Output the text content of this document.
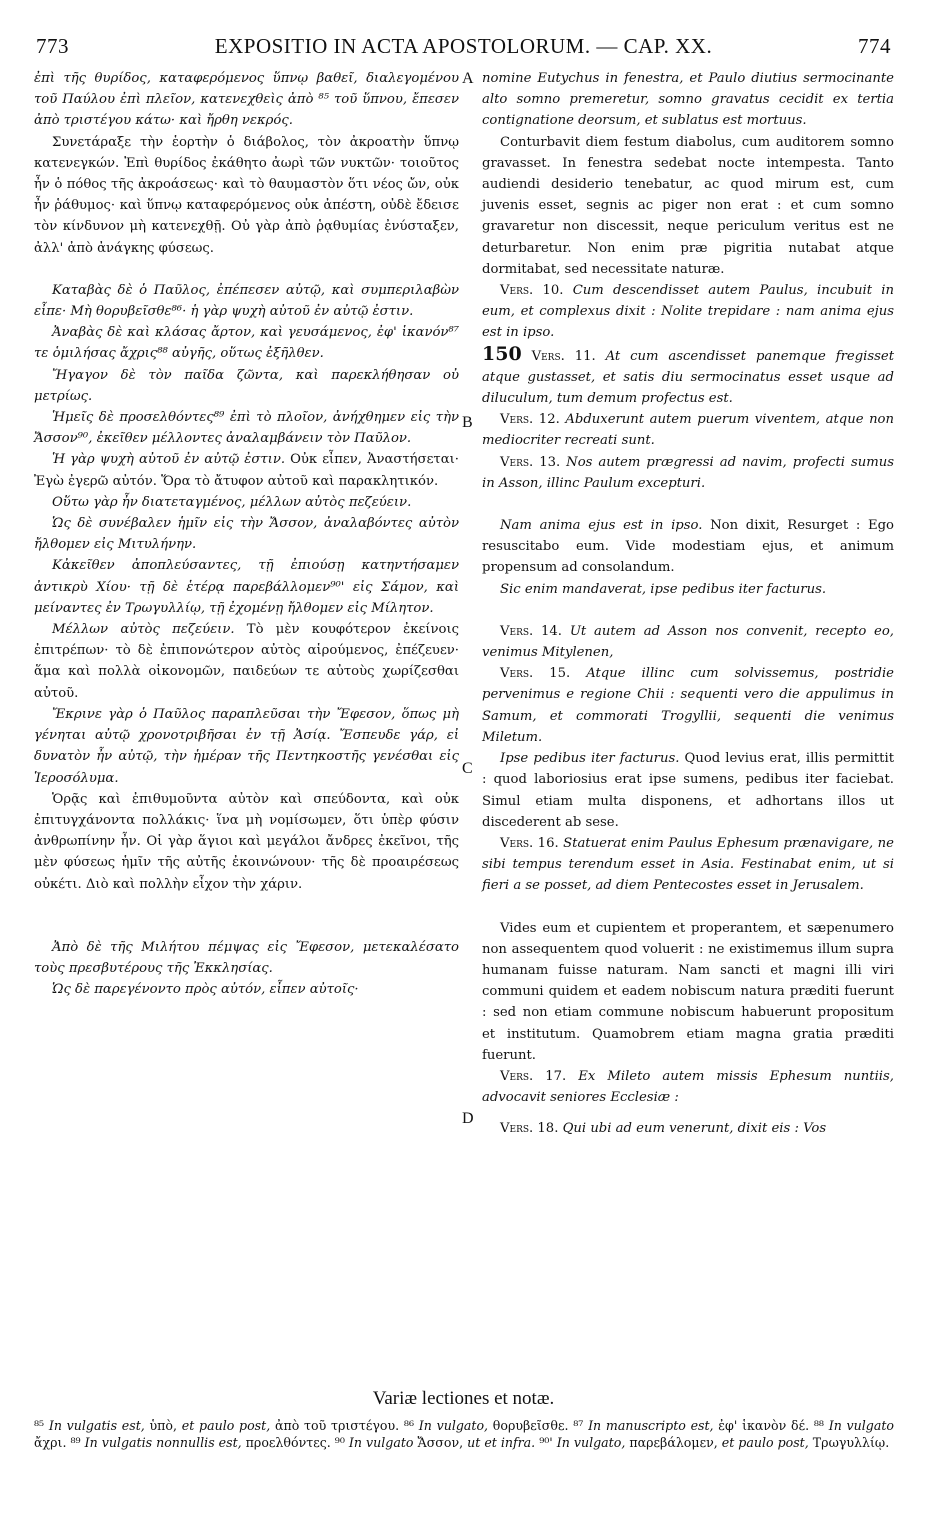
773	EXPOSITIO IN ACTA APOSTOLORUM. — CAP. XX.	774
A
B
C
D

ἐπὶ τῆς θυρίδος, καταφερόμενος ὕπνῳ βαθεῖ, διαλεγομένου τοῦ Παύλου ἐπὶ πλεῖον, κατενεχθεὶς ἀπὸ ⁸⁵ τοῦ ὕπνου, ἔπεσεν ἀπὸ τριστέγου κάτω· καὶ ἤρθη νεκρός.

Συνετάραξε τὴν ἑορτὴν ὁ διάβολος, τὸν ἀκροατὴν ὕπνῳ κατενεγκών. Ἐπὶ θυρίδος ἐκάθητο ἀωρὶ τῶν νυκτῶν· τοιοῦτος ἦν ὁ πόθος τῆς ἀκροάσεως· καὶ τὸ θαυμαστὸν ὅτι νέος ὤν, οὐκ ἦν ῥάθυμος· καὶ ὕπνῳ καταφερόμενος οὐκ ἀπέστη, οὐδὲ ἔδεισε τὸν κίνδυνον μὴ κατενεχθῇ. Οὐ γὰρ ἀπὸ ῥᾳθυμίας ἐνύσταξεν, ἀλλ' ἀπὸ ἀνάγκης φύσεως.

Καταβὰς δὲ ὁ Παῦλος, ἐπέπεσεν αὐτῷ, καὶ συμπεριλαβὼν εἶπε· Μὴ θορυβεῖσθε⁸⁶· ἡ γὰρ ψυχὴ αὐτοῦ ἐν αὐτῷ ἐστιν.

Ἀναβὰς δὲ καὶ κλάσας ἄρτον, καὶ γευσάμενος, ἐφ' ἱκανόν⁸⁷ τε ὁμιλήσας ἄχρις⁸⁸ αὐγῆς, οὕτως ἐξῆλθεν.

Ἤγαγον δὲ τὸν παῖδα ζῶντα, καὶ παρεκλήθησαν οὐ μετρίως.

Ἡμεῖς δὲ προσελθόντες⁸⁹ ἐπὶ τὸ πλοῖον, ἀνήχθημεν εἰς τὴν Ἄσσον⁹⁰, ἐκεῖθεν μέλλοντες ἀναλαμβάνειν τὸν Παῦλον.

Ἡ γὰρ ψυχὴ αὐτοῦ ἐν αὐτῷ ἐστιν. Οὐκ εἶπεν, Ἀναστήσεται· Ἐγὼ ἐγερῶ αὐτόν. Ὅρα τὸ ἄτυφον αὐτοῦ καὶ παρακλητικόν.

Οὕτω γὰρ ἦν διατεταγμένος, μέλλων αὐτὸς πεζεύειν.

Ὡς δὲ συνέβαλεν ἡμῖν εἰς τὴν Ἄσσον, ἀναλαβόντες αὐτὸν ἤλθομεν εἰς Μιτυλήνην.

Κἀκεῖθεν ἀποπλεύσαντες, τῇ ἐπιούσῃ κατηντήσαμεν ἀντικρὺ Χίου· τῇ δὲ ἑτέρᾳ παρεβάλλομεν⁹⁰' εἰς Σάμον, καὶ μείναντες ἐν Τρωγυλλίῳ, τῇ ἐχομένῃ ἤλθομεν εἰς Μίλητον.

Μέλλων αὐτὸς πεζεύειν. Τὸ μὲν κουφότερον ἐκείνοις ἐπιτρέπων· τὸ δὲ ἐπιπονώτερον αὐτὸς αἱρούμενος, ἐπέζευεν· ἅμα καὶ πολλὰ οἰκονομῶν, παιδεύων τε αὐτοὺς χωρίζεσθαι αὐτοῦ.

Ἔκρινε γὰρ ὁ Παῦλος παραπλεῦσαι τὴν Ἔφεσον, ὅπως μὴ γένηται αὐτῷ χρονοτριβῆσαι ἐν τῇ Ἀσίᾳ. Ἔσπευδε γάρ, εἰ δυνατὸν ἦν αὐτῷ, τὴν ἡμέραν τῆς Πεντηκοστῆς γενέσθαι εἰς Ἱεροσόλυμα.

Ὁρᾷς καὶ ἐπιθυμοῦντα αὐτὸν καὶ σπεύδοντα, καὶ οὐκ ἐπιτυγχάνοντα πολλάκις· ἵνα μὴ νομίσωμεν, ὅτι ὑπὲρ φύσιν ἀνθρωπίνην ἦν. Οἱ γὰρ ἅγιοι καὶ μεγάλοι ἄνδρες ἐκεῖνοι, τῆς μὲν φύσεως ἡμῖν τῆς αὐτῆς ἐκοινώνουν· τῆς δὲ προαιρέσεως οὐκέτι. Διὸ καὶ πολλὴν εἶχον τὴν χάριν.

Ἀπὸ δὲ τῆς Μιλήτου πέμψας εἰς Ἔφεσον, μετεκαλέσατο τοὺς πρεσβυτέρους τῆς Ἐκκλησίας.

Ὡς δὲ παρεγένοντο πρὸς αὐτόν, εἶπεν αὐτοῖς·

nomine Eutychus in fenestra, et Paulo diutius sermocinante alto somno premeretur, somno gravatus cecidit ex tertia contignatione deorsum, et sublatus est mortuus.

Conturbavit diem festum diabolus, cum auditorem somno gravasset. In fenestra sedebat nocte intempesta. Tanto audiendi desiderio tenebatur, ac quod mirum est, cum juvenis esset, segnis ac piger non erat : et cum somno gravaretur non discessit, neque periculum veritus est ne deturbaretur. Non enim præ pigritia nutabat atque dormitabat, sed necessitate naturæ.

Vers. 10. Cum descendisset autem Paulus, incubuit in eum, et complexus dixit : Nolite trepidare : nam anima ejus est in ipso.

150 Vers. 11. At cum ascendisset panemque fregisset atque gustasset, et satis diu sermocinatus esset usque ad diluculum, tum demum profectus est.

Vers. 12. Abduxerunt autem puerum viventem, atque non mediocriter recreati sunt.

Vers. 13. Nos autem prægressi ad navim, profecti sumus in Asson, illinc Paulum excepturi.

Nam anima ejus est in ipso. Non dixit, Resurget : Ego resuscitabo eum. Vide modestiam ejus, et animum propensum ad consolandum.

Sic enim mandaverat, ipse pedibus iter facturus.

Vers. 14. Ut autem ad Asson nos convenit, recepto eo, venimus Mitylenen,

Vers. 15. Atque illinc cum solvissemus, postridie pervenimus e regione Chii : sequenti vero die appulimus in Samum, et commorati Trogyllii, sequenti die venimus Miletum.

Ipse pedibus iter facturus. Quod levius erat, illis permittit : quod laboriosius erat ipse sumens, pedibus iter faciebat. Simul etiam multa disponens, et adhortans illos ut discederent ab sese.

Vers. 16. Statuerat enim Paulus Ephesum prænavigare, ne sibi tempus terendum esset in Asia. Festinabat enim, ut si fieri a se posset, ad diem Pentecostes esset in Jerusalem.

Vides eum et cupientem et properantem, et sæpenumero non assequentem quod voluerit : ne existimemus illum supra humanam fuisse naturam. Nam sancti et magni illi viri communi quidem et eadem nobiscum natura præditi fuerunt : sed non etiam commune nobiscum habuerunt propositum et institutum. Quamobrem etiam magna gratia præditi fuerunt.

Vers. 17. Ex Mileto autem missis Ephesum nuntiis, advocavit seniores Ecclesiæ :

Vers. 18. Qui ubi ad eum venerunt, dixit eis : Vos

Variæ lectiones et notæ.
⁸⁵ In vulgatis est, ὑπὸ, et paulo post, ἀπὸ τοῦ τριστέγου. ⁸⁶ In vulgato, θορυβεῖσθε. ⁸⁷ In manuscripto est, ἐφ' ἱκανὸν δέ. ⁸⁸ In vulgato ἄχρι. ⁸⁹ In vulgatis nonnullis est, προελθόντες. ⁹⁰ In vulgato Ἄσσον, ut et infra. ⁹⁰' In vulgato, παρεβάλομεν, et paulo post, Τρωγυλλίῳ.
